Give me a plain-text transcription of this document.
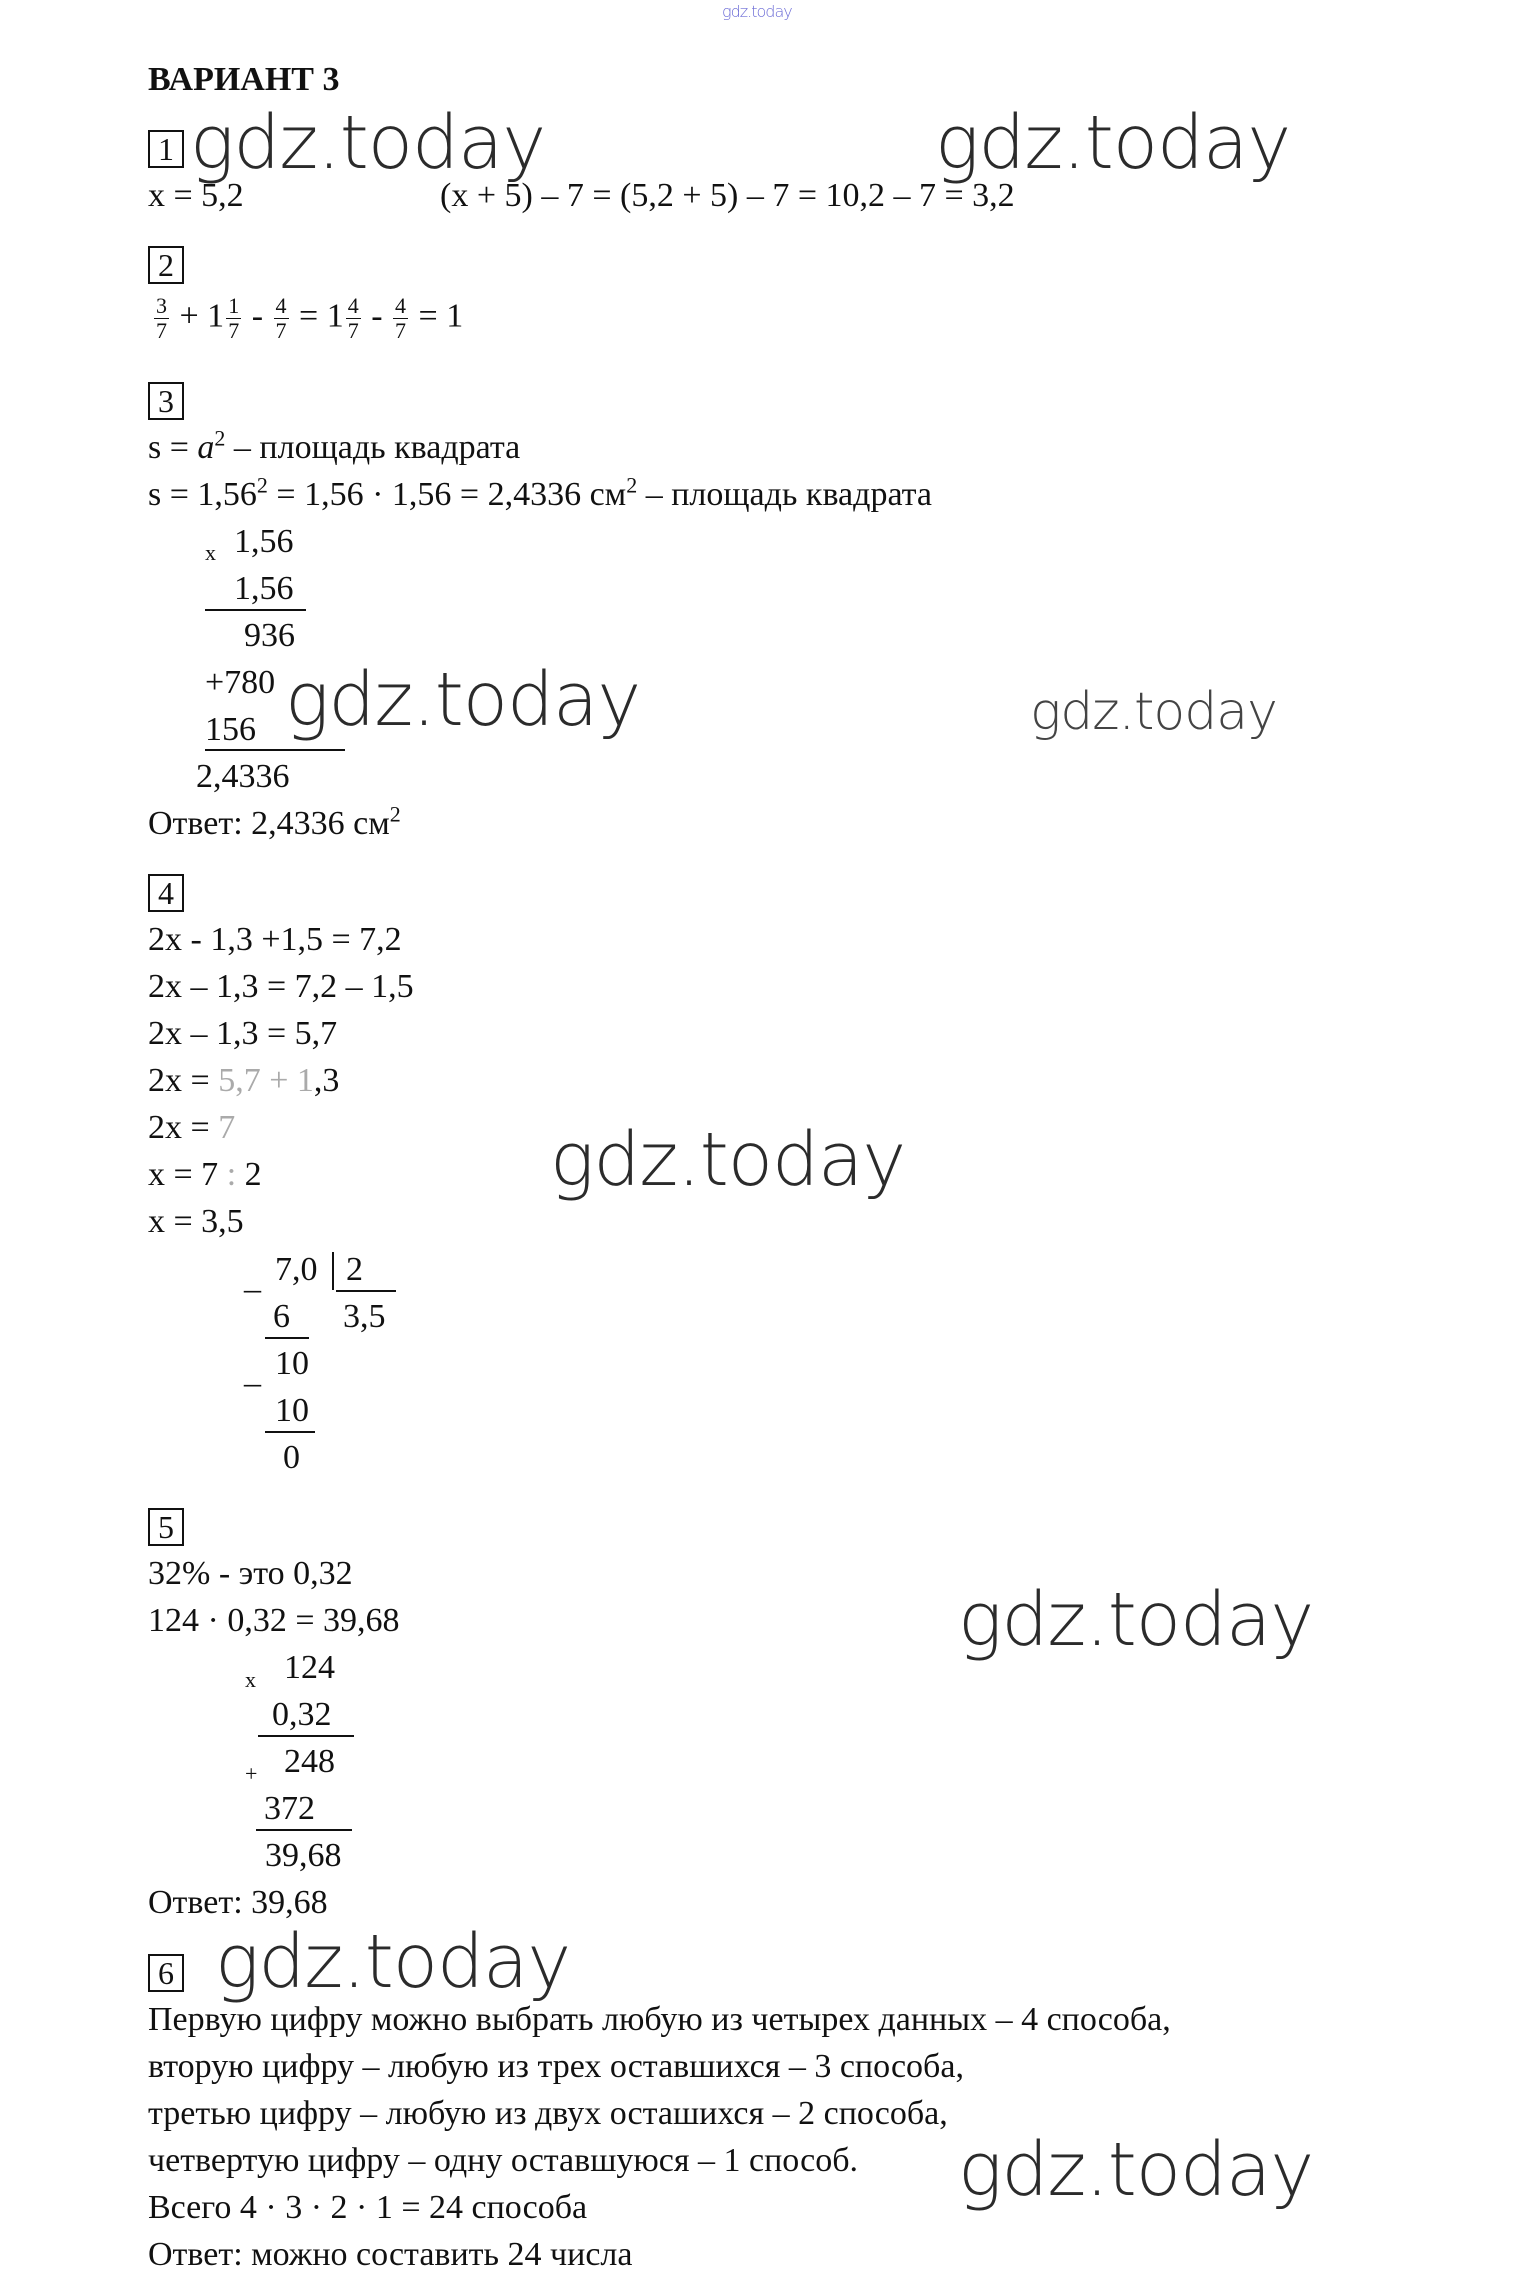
gdz.today
ВАРИАНТ 3
1 gdz.today	gdz.today
x = 5,2	(x + 5) – 7 = (5,2 + 5) – 7 = 10,2 – 7 = 3,2
2
$\frac{3}{7} + 1 \frac{1}{7} - \frac{4}{7} = 1 \frac{4}{7} - \frac{4}{7} = 1$
3
$s = a^2$ – площадь квадрата
$s = 1,56^2 = 1,56 \cdot 1,56 = 2,4336$ $см^2$ – площадь квадрата
x 1,56
1,56
936
+780
156
2,4336
gdz.today	gdz.today
Ответ: 2,4336 $см^2$
4
2x - 1,3 +1,5 = 7,2
2x – 1,3 = 7,2 – 1,5
2x – 1,3 = 5,7
2x = 5,7 + 1,3
2x = 7
x = 7 : 2
x = 3,5
gdz.today
_ 7,0 2
6	3,5
_ 10
10
0
5
32% - это 0,32
124 · 0,32 = 39,68	gdz.today
x 124
0,32
+ 248
372
39,68
Ответ: 39,68
6 gdz.today
Первую цифру можно выбрать любую из четырех данных – 4 способа,
вторую цифру – любую из трех оставшихся – 3 способа,
третью цифру – любую из двух осташихся – 2 способа,
четвертую цифру – одну оставшуюся – 1 способ. gdz.today
Всего 4 · 3 · 2 · 1 = 24 способа
Ответ: можно составить 24 числа
